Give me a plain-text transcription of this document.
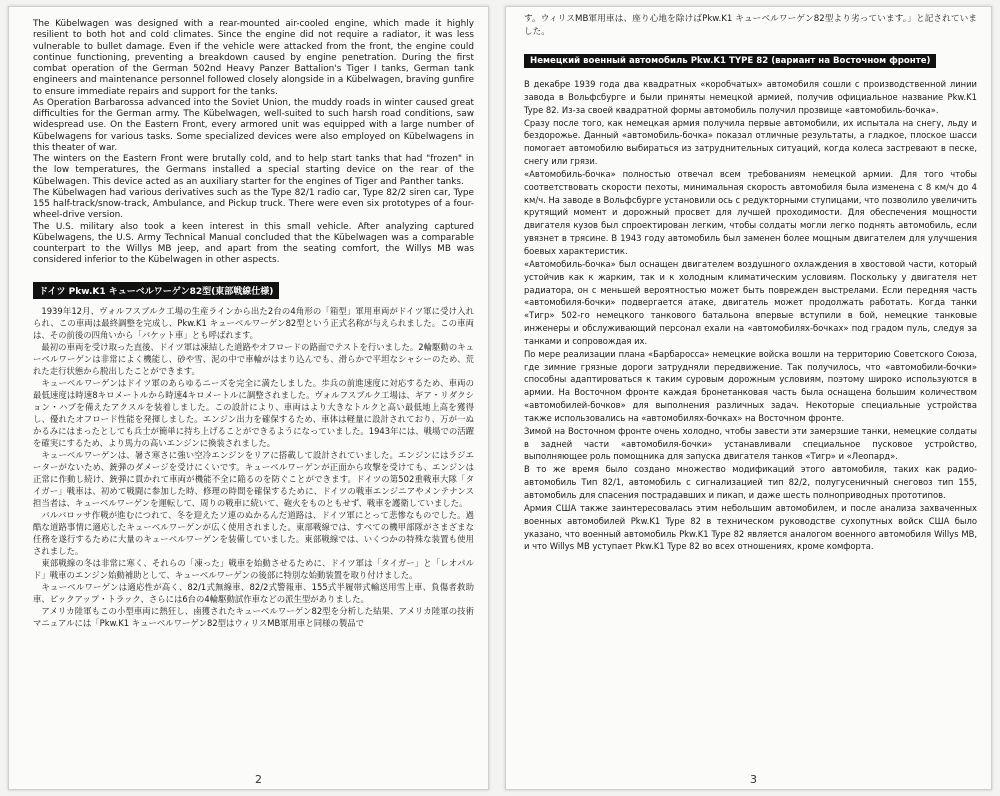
The Kübelwagen was designed with a rear-mounted air-cooled engine, which made it highly resilient to both hot and cold climates. Since the engine did not require a radiator, it was less vulnerable to bullet damage. Even if the vehicle were attacked from the front, the engine could continue functioning, preventing a breakdown caused by engine penetration. During the first combat operation of the German 502nd Heavy Panzer Battalion's Tiger I tanks, German tank engineers and maintenance personnel followed closely alongside in a Kübelwagen, braving gunfire to ensure immediate repairs and support for the tanks.

As Operation Barbarossa advanced into the Soviet Union, the muddy roads in winter caused great difficulties for the German army. The Kübelwagen, well-suited to such harsh road conditions, saw widespread use. On the Eastern Front, every armored unit was equipped with a large number of Kübelwagens for various tasks. Some specialized devices were also employed on Kübelwagens in this theater of war.

The winters on the Eastern Front were brutally cold, and to help start tanks that had "frozen" in the low temperatures, the Germans installed a special starting device on the rear of the Kübelwagen. This device acted as an auxiliary starter for the engines of Tiger and Panther tanks.

The Kübelwagen had various derivatives such as the Type 82/1 radio car, Type 82/2 siren car, Type 155 half-track/snow-track, Ambulance, and Pickup truck. There were even six prototypes of a four-wheel-drive version.

The U.S. military also took a keen interest in this small vehicle. After analyzing captured Kübelwagens, the U.S. Army Technical Manual concluded that the Kübelwagen was a comparable counterpart to the Willys MB jeep, and apart from the seating comfort, the Willys MB was considered inferior to the Kübelwagen in other aspects.

ドイツ Pkw.K1 キューベルワーゲン82型(東部戦線仕様)

1939年12月、ヴォルフスブルク工場の生産ラインから出た2台の4角形の「箱型」軍用車両がドイツ軍に受け入れられ、この車両は最終調整を完成し、Pkw.K1 キューベルワーゲン82型という正式名称が与えられました。この車両は、その前後の四角いから「バケット車」とも呼ばれます。

最初の車両を受け取った直後、ドイツ軍は凍結した道路やオフロードの路面でテストを行いました。2輪駆動のキューベルワーゲンは非常によく機能し、砂や雪、泥の中で車輪がはまり込んでも、滑らかで平坦なシャシーのため、荒れた走行状態から脱出したことができます。

キューベルワーゲンはドイツ軍のあらゆるニーズを完全に満たしました。歩兵の前進速度に対応するため、車両の最低速度は時速8キロメートルから時速4キロメートルに調整されました。ヴォルフスブルク工場は、ギア・リダクション・ハブを備えたアクスルを装着しました。この設計により、車両はより大きなトルクと高い最低地上高を獲得し、優れたオフロード性能を発揮しました。エンジン出力を確保するため、車体は軽量に設計されており、万が一ぬかるみにはまったとしても兵士が簡単に持ち上げることができるようになっていました。1943年には、戦場での活躍を確実にするため、より馬力の高いエンジンに換装されました。

キューベルワーゲンは、暑さ寒さに強い空冷エンジンをリアに搭載して設計されていました。エンジンにはラジエーターがないため、銃弾のダメージを受けにくいです。キューベルワーゲンが正面から攻撃を受けても、エンジンは正常に作動し続け、銃弾に貫かれて車両が機能不全に陥るのを防ぐことができます。ドイツの第502重戦車大隊「タイガー」戦車は、初めて戦闘に参加した時、修理の時間を確保するために、ドイツの戦車エンジニアやメンテナンス担当者は、キューベルワーゲンを運転して、周りの戦車に続いて、砲火をものともせず、戦車を護衛していました。

バルバロッサ作戦が進むにつれて、冬を迎えたソ連のぬかるんだ道路は、ドイツ軍にとって悲惨なものでした。過酷な道路事情に適応したキューベルワーゲンが広く使用されました。東部戦線では、すべての機甲部隊がさまざまな任務を遂行するために大量のキューベルワーゲンを装備していました。東部戦線では、いくつかの特殊な装置も使用されました。

東部戦線の冬は非常に寒く、それらの「凍った」戦車を始動させるために、ドイツ軍は「タイガー」と「レオパルド」戦車のエンジン始動補助として、キューベルワーゲンの後部に特別な始動装置を取り付けました。

キューベルワーゲンは適応性が高く、82/1式無線車、82/2式警報車、155式半履帯式輸送用雪上車、負傷者救助車、ピックアップ・トラック、さらには6台の4輪駆動試作車などの派生型がありました。

アメリカ陸軍もこの小型車両に熱狂し、鹵獲されたキューベルワーゲン82型を分析した結果、アメリカ陸軍の技術マニュアルには「Pkw.K1 キューベルワーゲン82型はウィリスMB軍用車と同様の製品で

2

す。ウィリスMB軍用車は、座り心地を除けばPkw.K1 キューベルワーゲン82型より劣っています。」と記されていました。

Немецкий военный автомобиль Pkw.K1 TYPE 82 (вариант на Восточном фронте)

В декабре 1939 года два квадратных «коробчатых» автомобиля сошли с производственной линии завода в Вольфсбурге и были приняты немецкой армией, получив официальное название Pkw.K1 Type 82. Из-за своей квадратной формы автомобиль получил прозвище «автомобиль-бочка».

Сразу после того, как немецкая армия получила первые автомобили, их испытала на снегу, льду и бездорожье. Данный «автомобиль-бочка» показал отличные результаты, а гладкое, плоское шасси помогает автомобилю выбираться из затруднительных ситуаций, когда колеса застревают в песке, снегу или грязи.

«Автомобиль-бочка» полностью отвечал всем требованиям немецкой армии. Для того чтобы соответствовать скорости пехоты, минимальная скорость автомобиля была изменена с 8 км/ч до 4 км/ч. На заводе в Вольфсбурге установили ось с редукторными ступицами, что позволило увеличить крутящий момент и дорожный просвет для лучшей проходимости. Для обеспечения мощности двигателя кузов был спроектирован легким, чтобы солдаты могли легко поднять автомобиль, если увязнет в трясине. В 1943 году автомобиль был заменен более мощным двигателем для улучшения боевых характеристик.

«Автомобиль-бочка» был оснащен двигателем воздушного охлаждения в хвостовой части, который устойчив как к жарким, так и к холодным климатическим условиям. Поскольку у двигателя нет радиатора, он с меньшей вероятностью может быть поврежден выстрелами. Если передняя часть «автомобиля-бочки» подвергается атаке, двигатель может продолжать работать. Когда танки «Тигр» 502-го немецкого танкового батальона впервые вступили в бой, немецкие танковые инженеры и обслуживающий персонал ехали на «автомобилях-бочках» под градом пуль, следуя за танками и сопровождая их.

По мере реализации плана «Барбаросса» немецкие войска вошли на территорию Советского Союза, где зимние грязные дороги затрудняли передвижение. Так получилось, что «автомобили-бочки» способны адаптироваться к таким суровым дорожным условиям, поэтому широко используются в армии. На Восточном фронте каждая бронетанковая часть была оснащена большим количеством «автомобилей-бочков» для выполнения различных задач. Некоторые специальные устройства также использовались на «автомобилях-бочках» на Восточном фронте.

Зимой на Восточном фронте очень холодно, чтобы завести эти замерзшие танки, немецкие солдаты в задней части «автомобиля-бочки» устанавливали специальное пусковое устройство, выполняющее роль помощника для запуска двигателя танков «Тигр» и «Леопард».

В то же время было создано множество модификаций этого автомобиля, таких как радио-автомобиль Тип 82/1, автомобиль с сигнализацией тип 82/2, полугусеничный снеговоз тип 155, автомобиль для спасения пострадавших и пикап, и даже шесть полноприводных прототипов.

Армия США также заинтересовалась этим небольшим автомобилем, и после анализа захваченных военных автомобилей Pkw.K1 Type 82 в техническом руководстве сухопутных войск США было указано, что военный автомобиль Pkw.K1 Type 82 является аналогом военного автомобиля Willys MB, и что Willys MB уступает Pkw.K1 Type 82 во всех отношениях, кроме комфорта.

3
